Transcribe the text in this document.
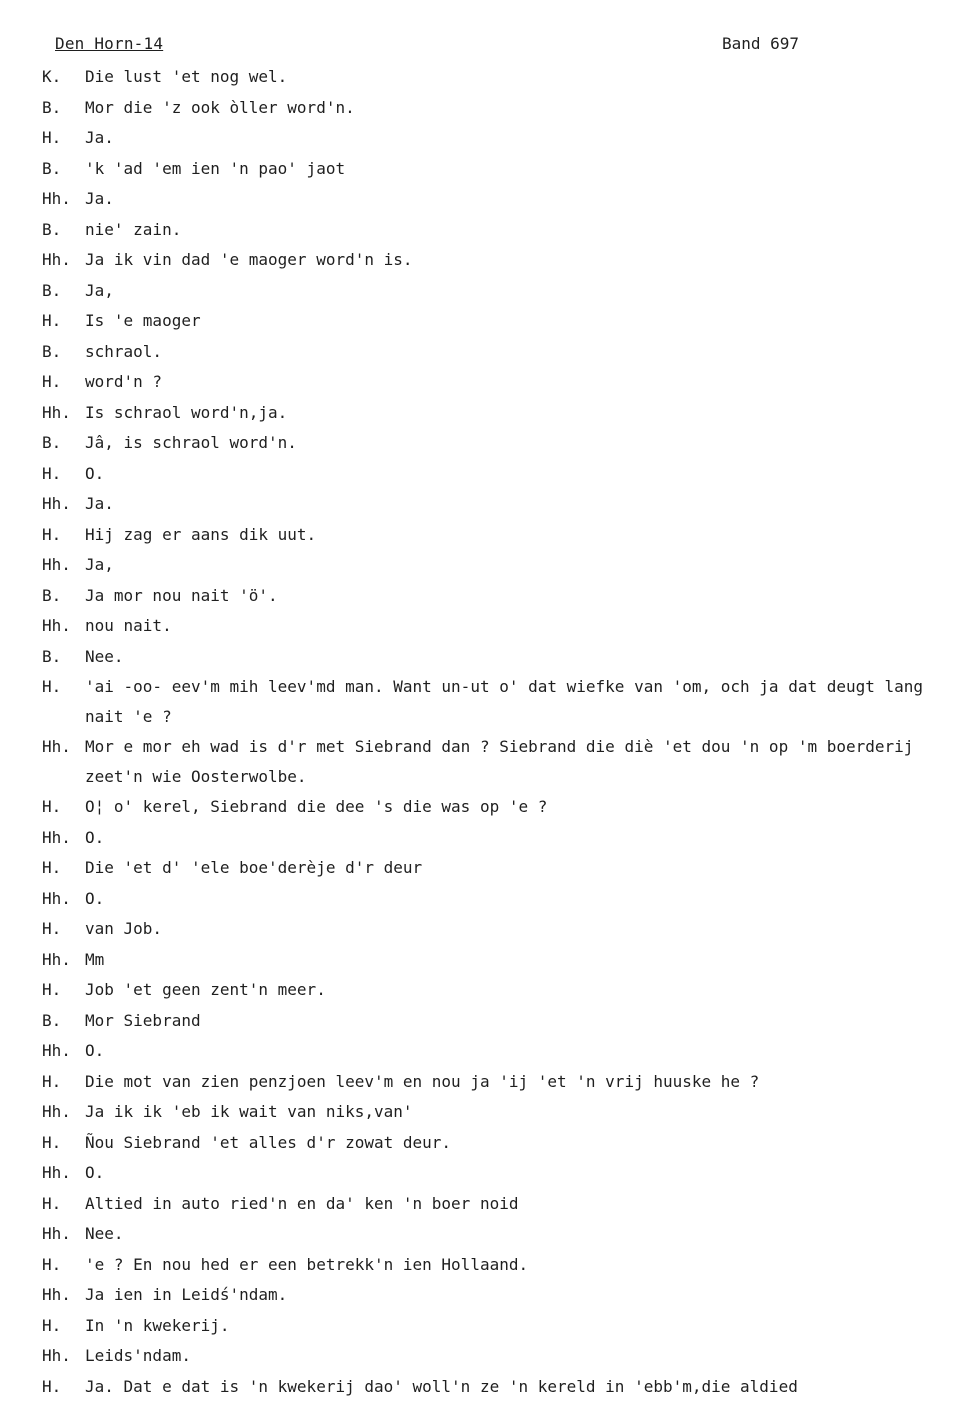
Den Horn-14	Band 697
K.	Die lust 'et nog wel.
B.	Mor die 'z ook òller word'n.
H.	Ja.
B.	'k 'ad 'em ien 'n pao' jaot
Hh. Ja.
B.	nie' zain.
Hh. Ja ik vin dad 'e maoger word'n is.
B.	Ja,
H.	Is 'e maoger
B.	schraol.
H.	word'n ?
Hh. Is schraol word'n,ja.
B.	Jâ, is schraol word'n.
H.	O.
Hh. Ja.
H.	Hij zag er aans dik uut.
Hh. Ja,
B.	Ja mor nou nait 'ö'.
Hh. nou nait.
B.	Nee.
H.	'ai -oo- eev'm mih leev'md man. Want un-ut o' dat wiefke van 'om, och ja dat deugt lang nait 'e ?
Hh. Mor e mor eh wad is d'r met Siebrand dan ? Siebrand die diè 'et dou 'n op 'm boerderij zeet'n wie Oosterwolbe.
H.	O¦ o' kerel, Siebrand die dee 's die was op 'e ?
Hh. O.
H.	Die 'et d' 'ele boe'derèje d'r deur
Hh. O.
H.	van Job.
Hh. Mm
H.	Job 'et geen zent'n meer.
B.	Mor Siebrand
Hh. O.
H.	Die mot van zien penzjoen leev'm en nou ja 'ij 'et 'n vrij huuske he ?
Hh. Ja ik ik 'eb ik wait van niks,van'
H.	Ñou Siebrand 'et alles d'r zowat deur.
Hh. O.
H.	Altied in auto ried'n en da' ken 'n boer noid
Hh. Nee.
H.	'e ? En nou hed er een betrekk'n ien Hollaand.
Hh. Ja ien in Leidś'ndam.
H.	In 'n kwekerij.
Hh. Leids'ndam.
H.	Ja. Dat e dat is 'n kwekerij dao' woll'n ze 'n kereld in 'ebb'm,die aldied
